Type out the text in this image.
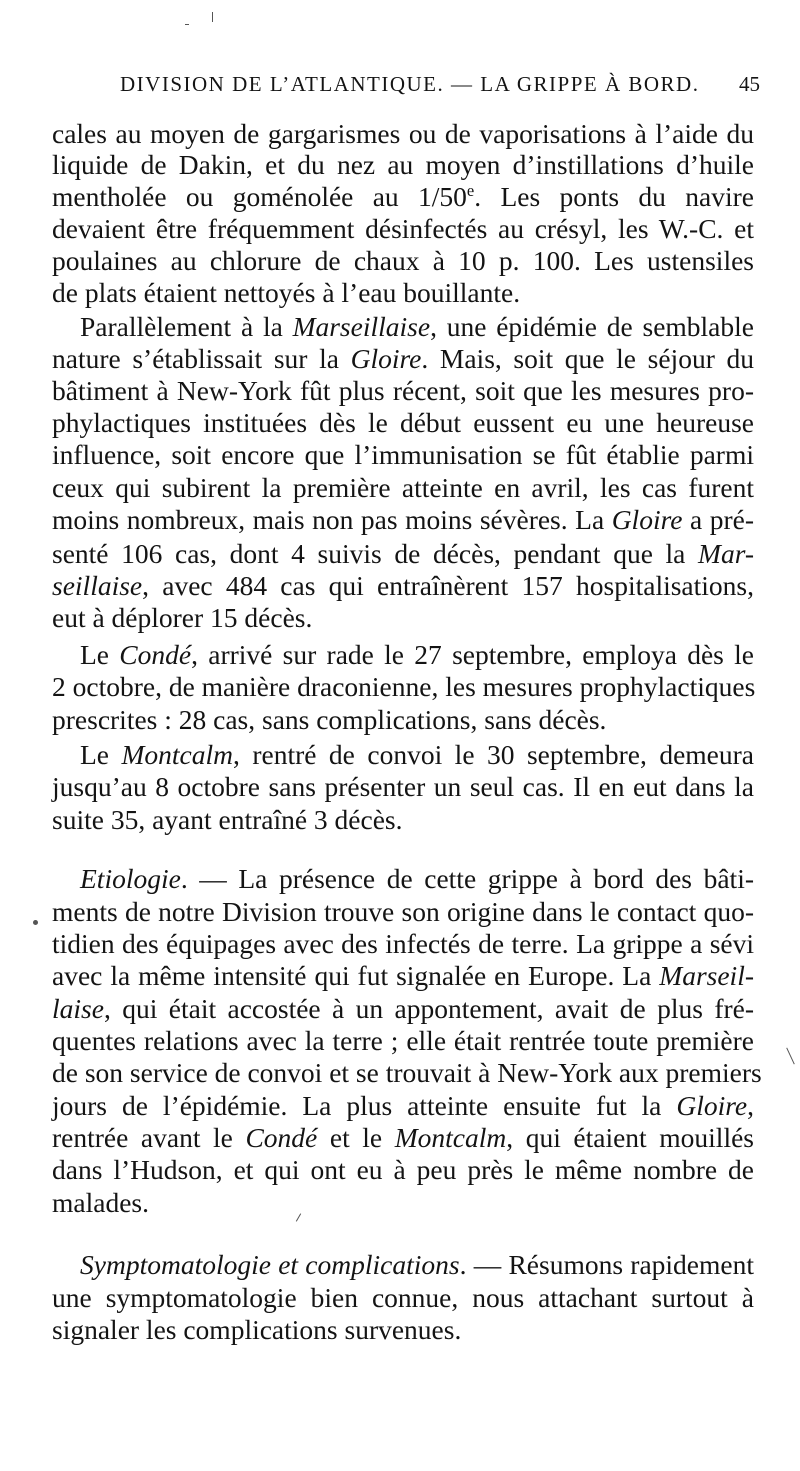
DIVISION DE L’ATLANTIQUE. — LA GRIPPE À BORD. 45
cales au moyen de gargarismes ou de vaporisations à l’aide du
liquide de Dakin, et du nez au moyen d’instillations d’huile
mentholée ou goménolée au 1/50e. Les ponts du navire
devaient être fréquemment désinfectés au crésyl, les W.-C. et
poulaines au chlorure de chaux à 10 p. 100. Les ustensiles
de plats étaient nettoyés à l’eau bouillante.
Parallèlement à la Marseillaise, une épidémie de semblable
nature s’établissait sur la Gloire. Mais, soit que le séjour du
bâtiment à New-York fût plus récent, soit que les mesures pro-
phylactiques instituées dès le début eussent eu une heureuse
influence, soit encore que l’immunisation se fût établie parmi
ceux qui subirent la première atteinte en avril, les cas furent
moins nombreux, mais non pas moins sévères. La Gloire a pré-
senté 106 cas, dont 4 suivis de décès, pendant que la Mar-
seillaise, avec 484 cas qui entraînèrent 157 hospitalisations,
eut à déplorer 15 décès.
Le Condé, arrivé sur rade le 27 septembre, employa dès le
2 octobre, de manière draconienne, les mesures prophylactiques
prescrites : 28 cas, sans complications, sans décès.
Le Montcalm, rentré de convoi le 30 septembre, demeura
jusqu’au 8 octobre sans présenter un seul cas. Il en eut dans la
suite 35, ayant entraîné 3 décès.
Etiologie. — La présence de cette grippe à bord des bâti-
ments de notre Division trouve son origine dans le contact quo-
tidien des équipages avec des infectés de terre. La grippe a sévi
avec la même intensité qui fut signalée en Europe. La Marseil-
laise, qui était accostée à un appontement, avait de plus fré-
quentes relations avec la terre ; elle était rentrée toute première
de son service de convoi et se trouvait à New-York aux premiers
jours de l’épidémie. La plus atteinte ensuite fut la Gloire,
rentrée avant le Condé et le Montcalm, qui étaient mouillés
dans l’Hudson, et qui ont eu à peu près le même nombre de
malades.
Symptomatologie et complications. — Résumons rapidement
une symptomatologie bien connue, nous attachant surtout à
signaler les complications survenues.
